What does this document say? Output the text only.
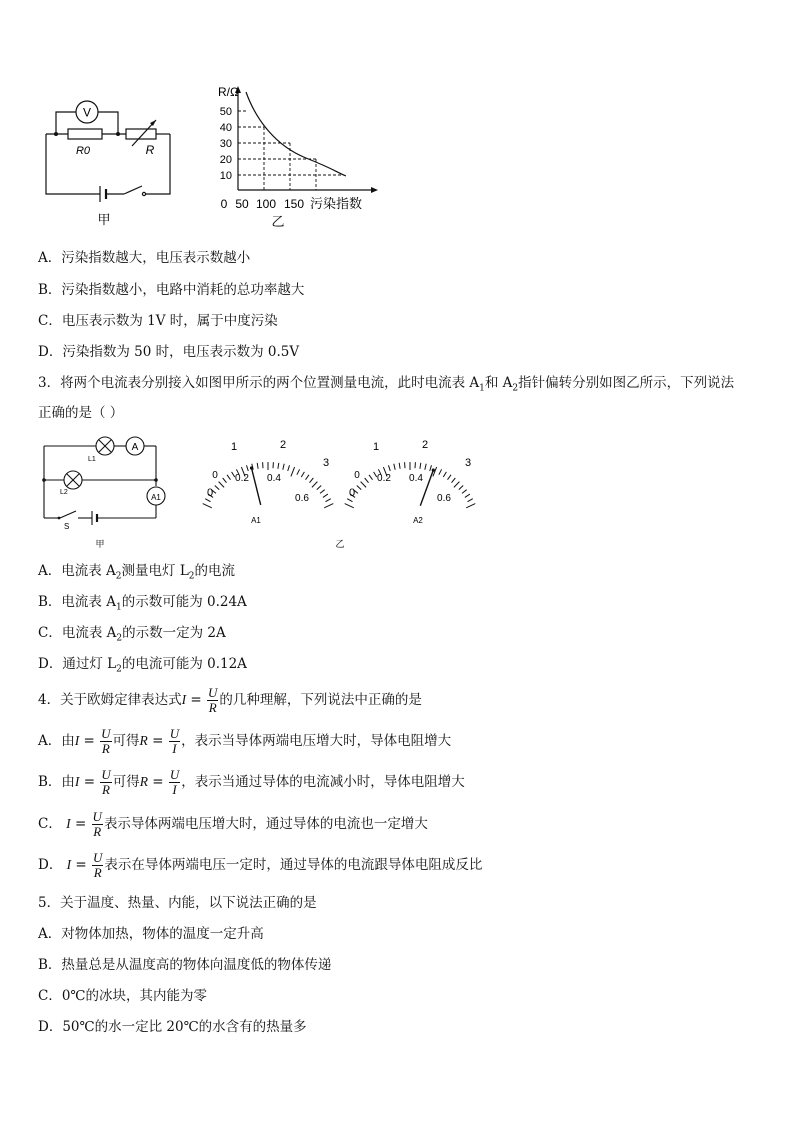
V
R0	R
甲
R/Ω
50
40
30
20
10
0 50 100 150 污染指数
乙
A．污染指数越大，电压表示数越小
B．污染指数越小，电路中消耗的总功率越大
C．电压表示数为 1V 时，属于中度污染
D．污染指数为 50 时，电压表示数为 0.5V
3．将两个电流表分别接入如图甲所示的两个位置测量电流，此时电流表 $A_1$和 $A_2$指针偏转分别如图乙所示，下列说法
正确的是（ ）
A
A1
L1
L2
S
甲
0
1	2
3
0 0.2 0.4
0.6
A1
0
1	2
3
0 0.2 0.4
0.6
A2
乙
A．电流表 $A_2$测量电灯 $L_2$的电流
B．电流表 $A_1$的示数可能为 0.24A
C．电流表 $A_2$的示数一定为 2A
D．通过灯 $L_2$的电流可能为 0.12A
4．关于欧姆定律表达式$I = \frac{U}{R}$ 的几种理解，下列说法中正确的是
A．由$I = \frac{U}{R}$ 可得$R = \frac{U}{I}$ ，表示当导体两端电压增大时，导体电阻增大
B．由$I = \frac{U}{R}$ 可得$R = \frac{U}{I}$ ，表示当通过导体的电流减小时，导体电阻增大
C． $I = \frac{U}{R}$ 表示导体两端电压增大时，通过导体的电流也一定增大
D． $I = \frac{U}{R}$ 表示在导体两端电压一定时，通过导体的电流跟导体电阻成反比
5．关于温度、热量、内能，以下说法正确的是
A．对物体加热，物体的温度一定升高
B．热量总是从温度高的物体向温度低的物体传递
C．0℃的冰块，其内能为零
D．50℃的水一定比 20℃的水含有的热量多
